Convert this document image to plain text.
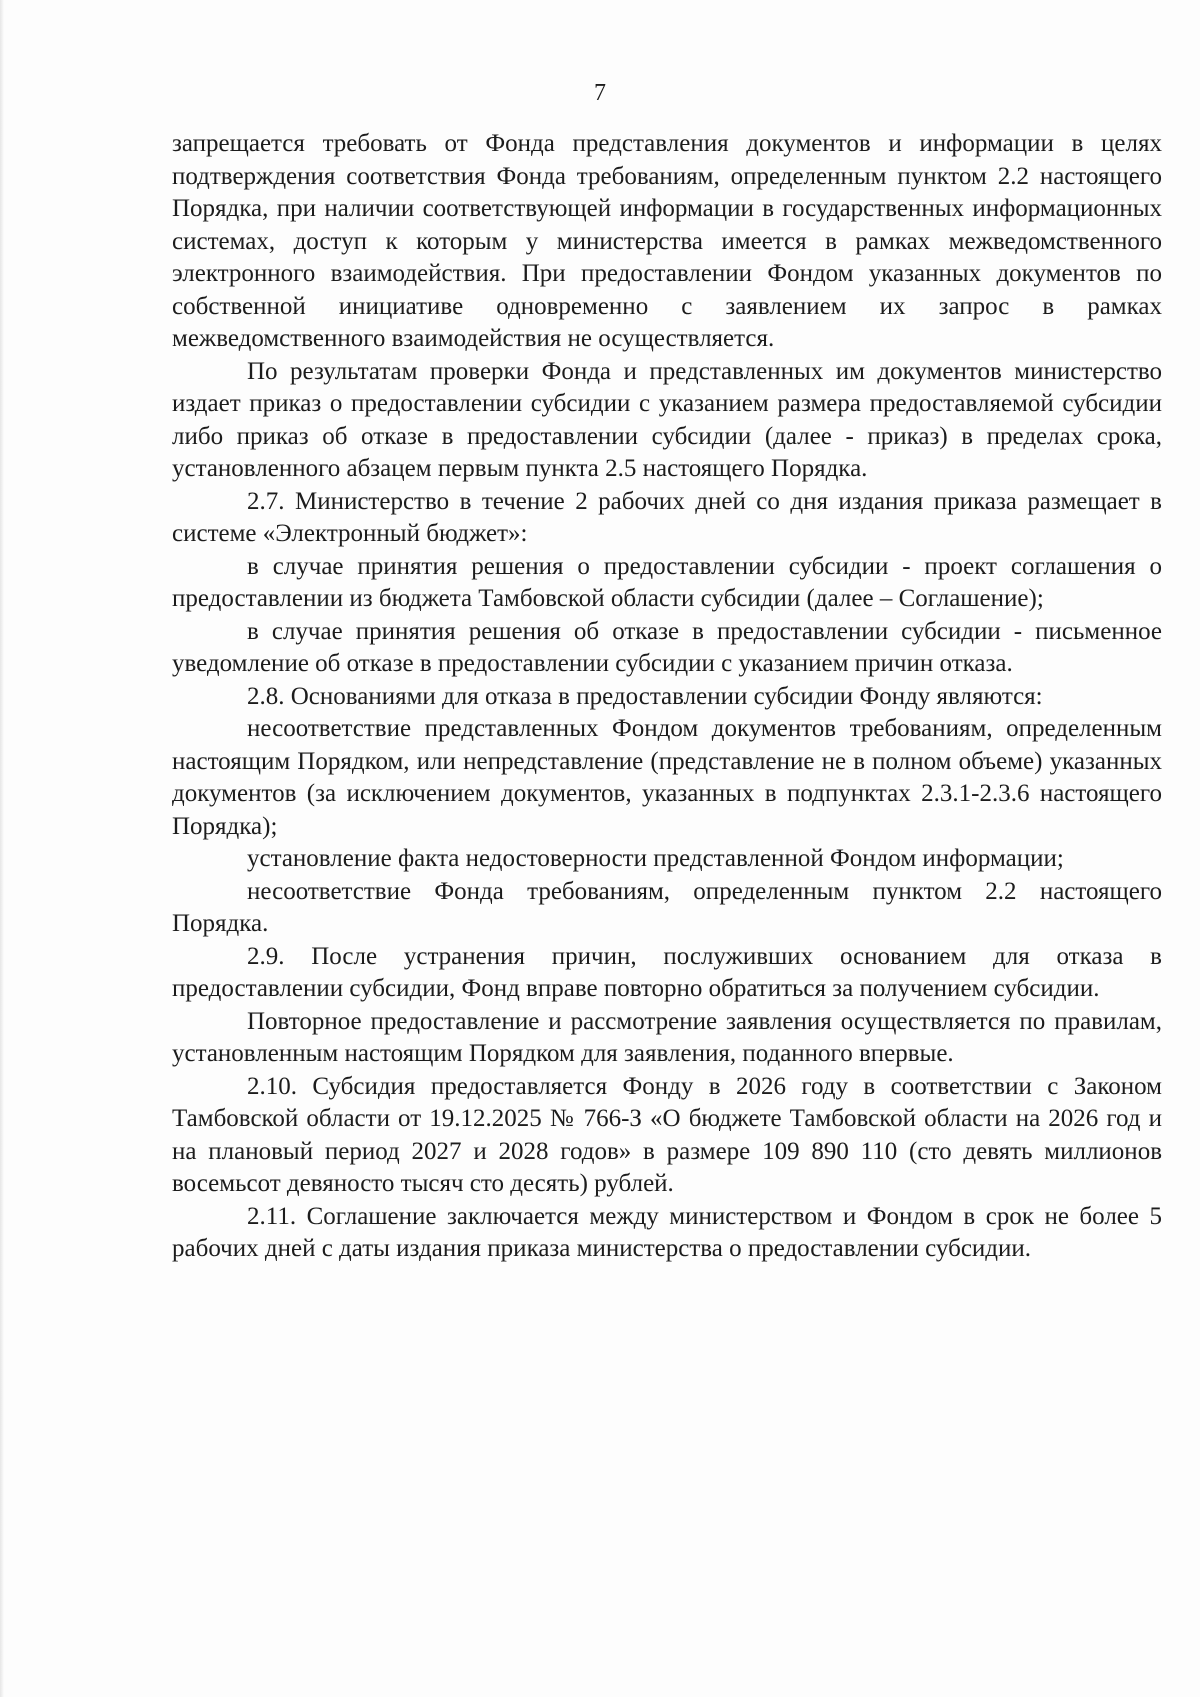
7

запрещается требовать от Фонда представления документов и информации в целях подтверждения соответствия Фонда требованиям, определенным пунктом 2.2 настоящего Порядка, при наличии соответствующей информации в государственных информационных системах, доступ к которым у министерства имеется в рамках межведомственного электронного взаимодействия. При предоставлении Фондом указанных документов по собственной инициативе одновременно с заявлением их запрос в рамках межведомственного взаимодействия не осуществляется.

По результатам проверки Фонда и представленных им документов министерство издает приказ о предоставлении субсидии с указанием размера предоставляемой субсидии либо приказ об отказе в предоставлении субсидии (далее - приказ) в пределах срока, установленного абзацем первым пункта 2.5 настоящего Порядка.

2.7. Министерство в течение 2 рабочих дней со дня издания приказа размещает в системе «Электронный бюджет»:

в случае принятия решения о предоставлении субсидии - проект соглашения о предоставлении из бюджета Тамбовской области субсидии (далее – Соглашение);

в случае принятия решения об отказе в предоставлении субсидии - письменное уведомление об отказе в предоставлении субсидии с указанием причин отказа.

2.8. Основаниями для отказа в предоставлении субсидии Фонду являются:

несоответствие представленных Фондом документов требованиям, определенным настоящим Порядком, или непредставление (представление не в полном объеме) указанных документов (за исключением документов, указанных в подпунктах 2.3.1-2.3.6 настоящего Порядка);

установление факта недостоверности представленной Фондом информации;

несоответствие Фонда требованиям, определенным пунктом 2.2 настоящего Порядка.

2.9. После устранения причин, послуживших основанием для отказа в предоставлении субсидии, Фонд вправе повторно обратиться за получением субсидии.

Повторное предоставление и рассмотрение заявления осуществляется по правилам, установленным настоящим Порядком для заявления, поданного впервые.

2.10. Субсидия предоставляется Фонду в 2026 году в соответствии с Законом Тамбовской области от 19.12.2025 № 766-З «О бюджете Тамбовской области на 2026 год и на плановый период 2027 и 2028 годов» в размере 109 890 110 (сто девять миллионов восемьсот девяносто тысяч сто десять) рублей.

2.11. Соглашение заключается между министерством и Фондом в срок не более 5 рабочих дней с даты издания приказа министерства о предоставлении субсидии.
